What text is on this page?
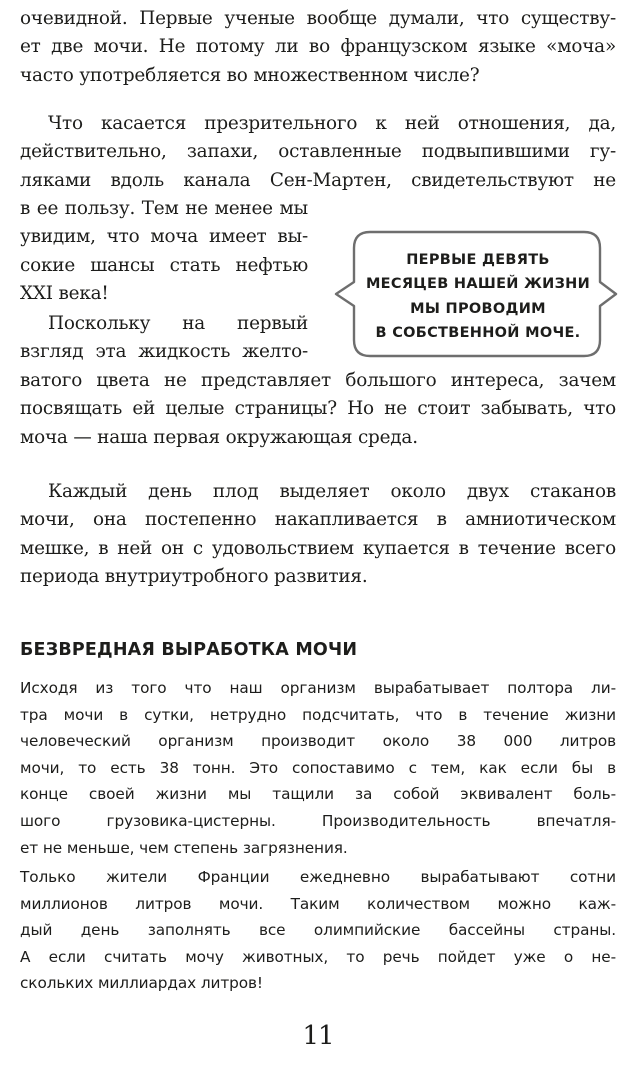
очевидной. Первые ученые вообще думали, что существу-
ет две мочи. Не потому ли во французском языке «моча»
часто употребляется во множественном числе?

Что касается презрительного к ней отношения, да,
действительно, запахи, оставленные подвыпившими гу-
ляками вдоль канала Сен-Мартен, свидетельствуют не

в ее пользу. Тем не менее мы
увидим, что моча имеет вы-
сокие шансы стать нефтью
XXI века!

Поскольку на первый
взгляд эта жидкость желто-

ватого цвета не представляет большого интереса, зачем
посвящать ей целые страницы? Но не стоит забывать, что
моча — наша первая окружающая среда.

Каждый день плод выделяет около двух стаканов
мочи, она постепенно накапливается в амниотическом
мешке, в ней он с удовольствием купается в течение всего
периода внутриутробного развития.

ПЕРВЫЕ ДЕВЯТЬ
МЕСЯЦЕВ НАШЕЙ ЖИЗНИ
МЫ ПРОВОДИМ
В СОБСТВЕННОЙ МОЧЕ.

БЕЗВРЕДНАЯ ВЫРАБОТКА МОЧИ

Исходя из того что наш организм вырабатывает полтора ли-
тра мочи в сутки, нетрудно подсчитать, что в течение жизни
человеческий организм производит около 38 000 литров
мочи, то есть 38 тонн. Это сопоставимо с тем, как если бы в
конце своей жизни мы тащили за собой эквивалент боль-
шого грузовика-цистерны. Производительность впечатля-
ет не меньше, чем степень загрязнения.

Только жители Франции ежедневно вырабатывают сотни
миллионов литров мочи. Таким количеством можно каж-
дый день заполнять все олимпийские бассейны страны.
А если считать мочу животных, то речь пойдет уже о не-
скольких миллиардах литров!

11
